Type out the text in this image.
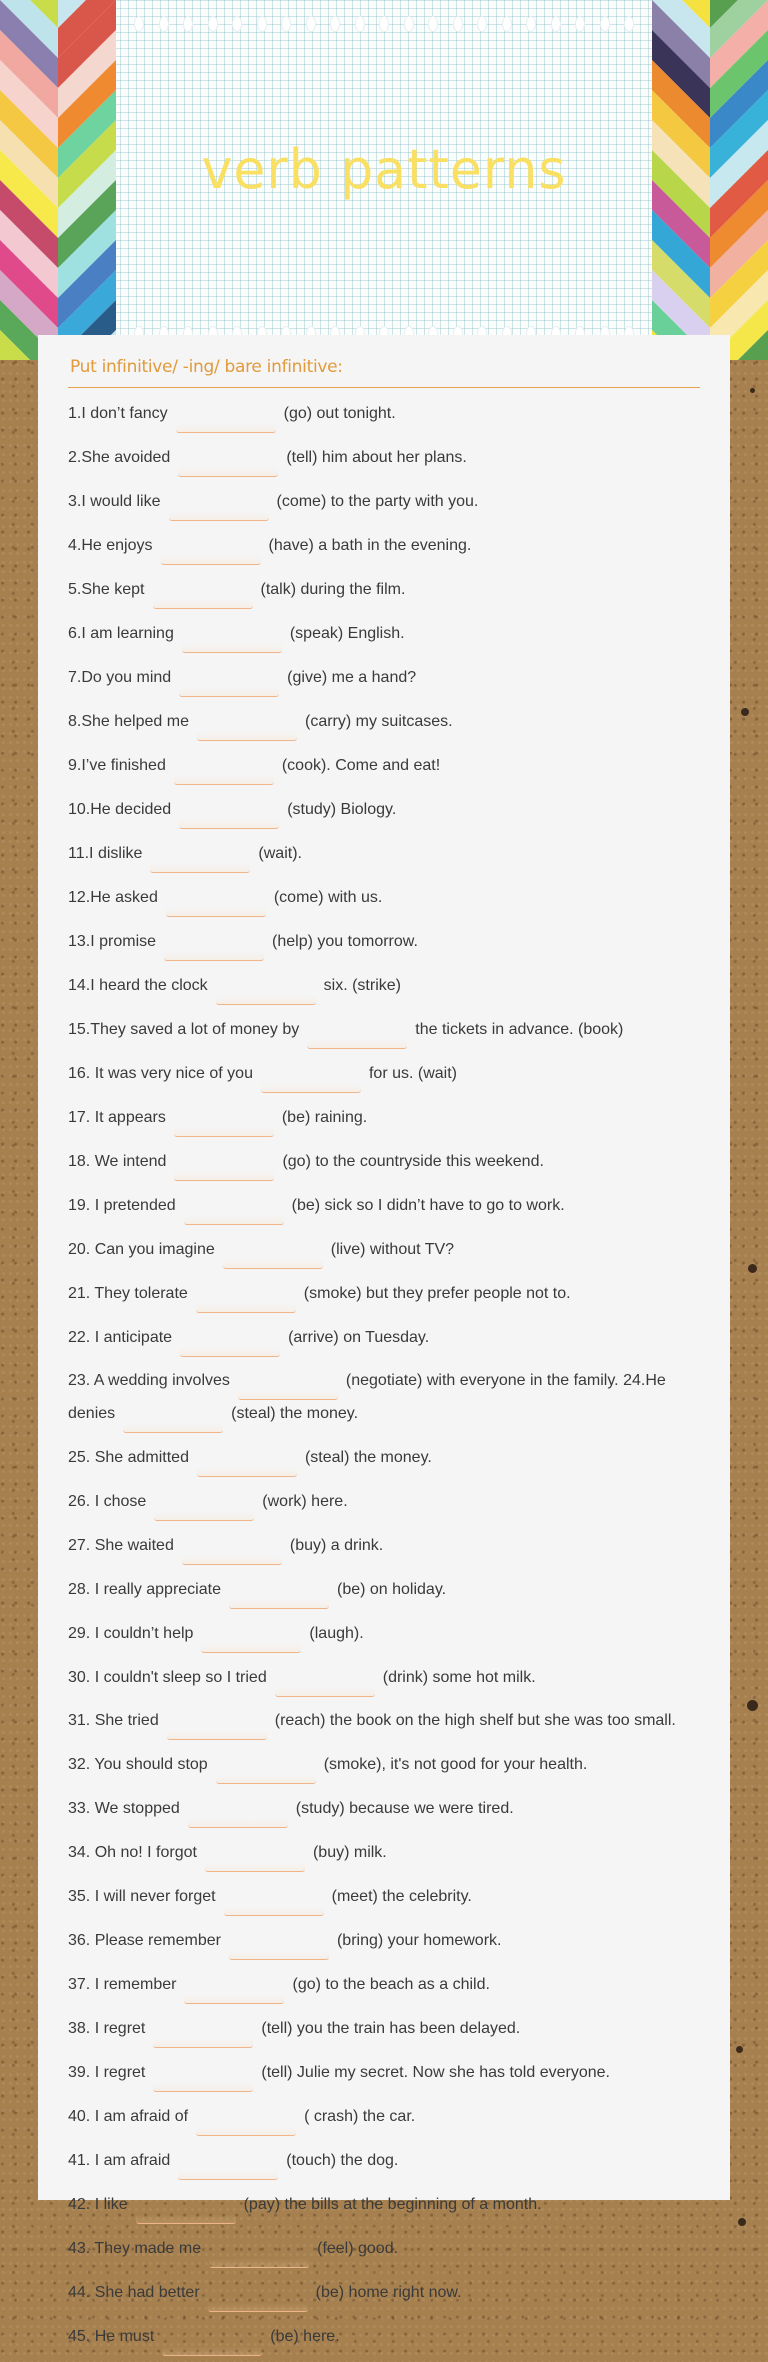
verb patterns
Put infinitive/ -ing/ bare infinitive:
1.I don’t fancy	(go) out tonight.
2.She avoided	(tell) him about her plans.
3.I would like	(come) to the party with you.
4.He enjoys	(have) a bath in the evening.
5.She kept	(talk) during the film.
6.I am learning	(speak) English.
7.Do you mind	(give) me a hand?
8.She helped me	(carry) my suitcases.
9.I’ve finished	(cook). Come and eat!
10.He decided	(study) Biology.
11.I dislike	(wait).
12.He asked	(come) with us.
13.I promise	(help) you tomorrow.
14.I heard the clock	six. (strike)
15.They saved a lot of money by	the tickets in advance. (book)
16. It was very nice of you	for us. (wait)
17. It appears	(be) raining.
18. We intend	(go) to the countryside this weekend.
19. I pretended	(be) sick so I didn’t have to go to work.
20. Can you imagine	(live) without TV?
21. They tolerate	(smoke) but they prefer people not to.
22. I anticipate	(arrive) on Tuesday.
23. A wedding involves	(negotiate) with everyone in the family. 24.He denies	(steal) the money.
25. She admitted	(steal) the money.
26. I chose	(work) here.
27. She waited	(buy) a drink.
28. I really appreciate	(be) on holiday.
29. I couldn’t help	(laugh).
30. I couldn't sleep so I tried	(drink) some hot milk.
31. She tried	(reach) the book on the high shelf but she was too small.
32. You should stop	(smoke), it's not good for your health.
33. We stopped	(study) because we were tired.
34. Oh no! I forgot	(buy) milk.
35. I will never forget	(meet) the celebrity.
36. Please remember	(bring) your homework.
37. I remember	(go) to the beach as a child.
38. I regret	(tell) you the train has been delayed.
39. I regret	(tell) Julie my secret. Now she has told everyone.
40. I am afraid of	( crash) the car.
41. I am afraid	(touch) the dog.
42. I like	(pay) the bills at the beginning of a month.
43. They made me	(feel) good.
44. She had better	(be) home right now.
45. He must	(be) here.
